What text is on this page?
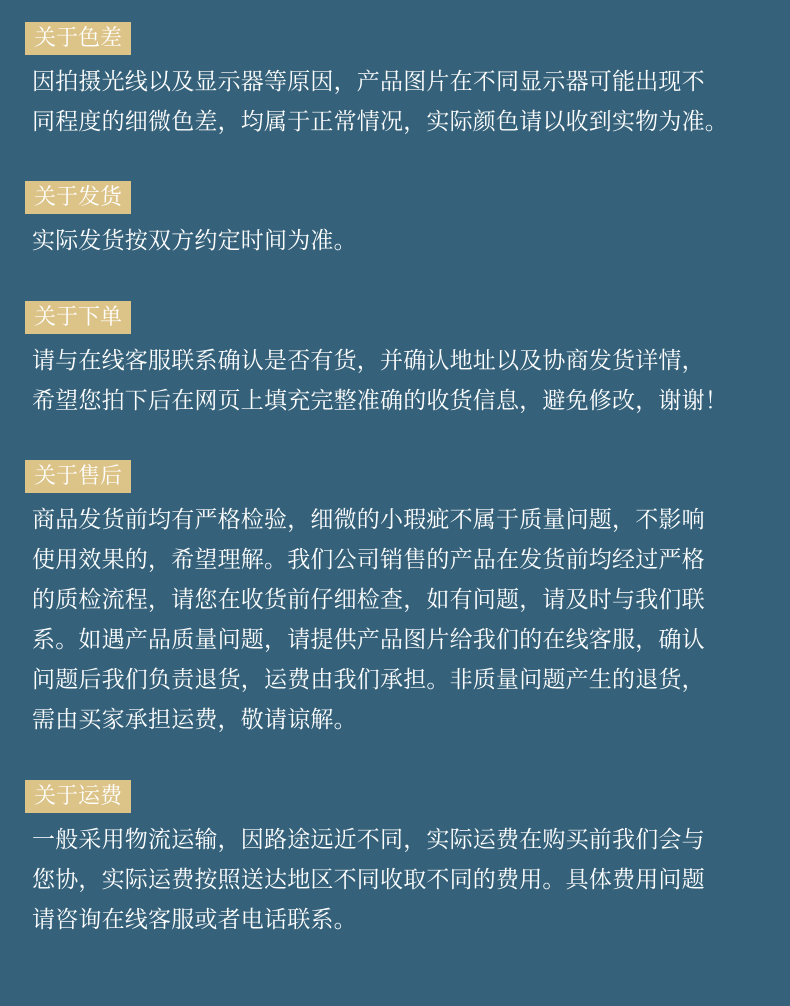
关于色差

因拍摄光线以及显示器等原因，产品图片在不同显示器可能出现不
同程度的细微色差，均属于正常情况，实际颜色请以收到实物为准。

关于发货

实际发货按双方约定时间为准。

关于下单

请与在线客服联系确认是否有货，并确认地址以及协商发货详情，
希望您拍下后在网页上填充完整准确的收货信息，避免修改，谢谢！

关于售后

商品发货前均有严格检验，细微的小瑕疵不属于质量问题，不影响
使用效果的，希望理解。我们公司销售的产品在发货前均经过严格
的质检流程，请您在收货前仔细检查，如有问题，请及时与我们联
系。如遇产品质量问题，请提供产品图片给我们的在线客服，确认
问题后我们负责退货，运费由我们承担。非质量问题产生的退货，
需由买家承担运费，敬请谅解。

关于运费

一般采用物流运输，因路途远近不同，实际运费在购买前我们会与
您协，实际运费按照送达地区不同收取不同的费用。具体费用问题
请咨询在线客服或者电话联系。
